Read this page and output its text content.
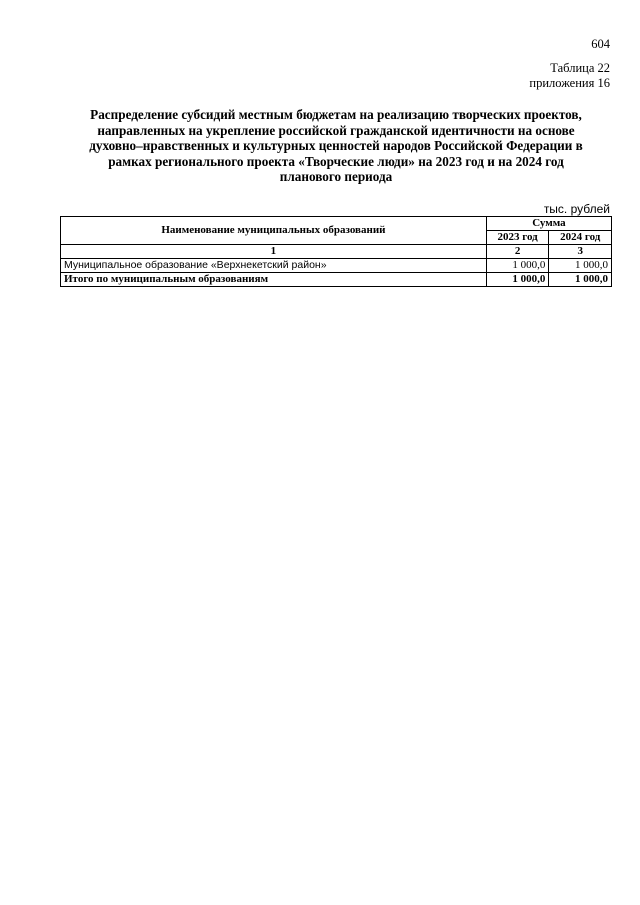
604
Таблица 22
приложения 16
Распределение субсидий местным бюджетам на реализацию творческих проектов,
направленных на укрепление российской гражданской идентичности на основе
духовно–нравственных и культурных ценностей народов Российской Федерации в
рамках регионального проекта «Творческие люди» на 2023 год и на 2024 год
планового периода
тыс. рублей
Наименование муниципальных образований	Сумма	
	2023 год	2024 год
1	2	3
Муниципальное образование «Верхнекетский район»	1 000,0	1 000,0
Итого по муниципальным образованиям	1 000,0	1 000,0
